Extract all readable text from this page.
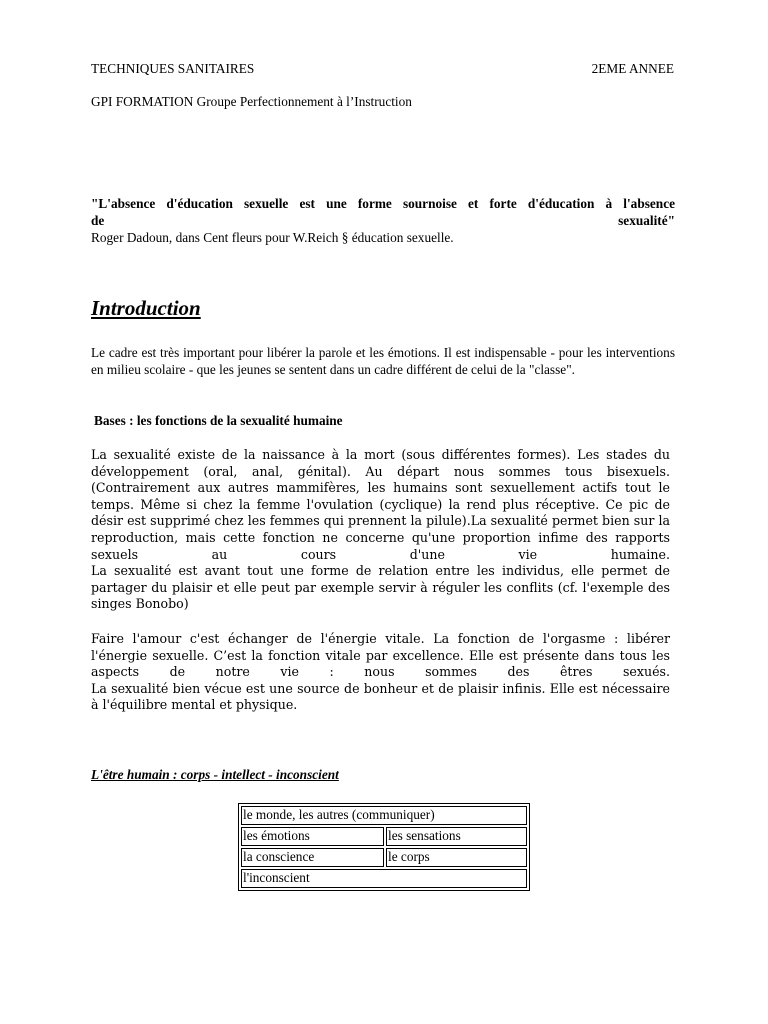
TECHNIQUES SANITAIRES	2EME ANNEE
GPI FORMATION Groupe Perfectionnement à l’Instruction
"L'absence d'éducation sexuelle est une forme sournoise et forte d'éducation à l'absence
de	sexualité"
Roger Dadoun, dans Cent fleurs pour W.Reich § éducation sexuelle.
Introduction
Le cadre est très important pour libérer la parole et les émotions. Il est indispensable - pour les interventions en milieu scolaire - que les jeunes se sentent dans un cadre différent de celui de la "classe".
Bases : les fonctions de la sexualité humaine
La sexualité existe de la naissance à la mort (sous différentes formes). Les stades du développement (oral, anal, génital). Au départ nous sommes tous bisexuels. (Contrairement aux autres mammifères, les humains sont sexuellement actifs tout le temps. Même si chez la femme l'ovulation (cyclique) la rend plus réceptive. Ce pic de désir est supprimé chez les femmes qui prennent la pilule).La sexualité permet bien sur la reproduction, mais cette fonction ne concerne qu'une proportion infime des rapports sexuels au cours d'une vie humaine.
La sexualité est avant tout une forme de relation entre les individus, elle permet de partager du plaisir et elle peut par exemple servir à réguler les conflits (cf. l'exemple des singes Bonobo)
Faire l'amour c'est échanger de l'énergie vitale. La fonction de l'orgasme : libérer l'énergie sexuelle. C’est la fonction vitale par excellence. Elle est présente dans tous les aspects de notre vie : nous sommes des êtres sexués.
La sexualité bien vécue est une source de bonheur et de plaisir infinis. Elle est nécessaire à l'équilibre mental et physique.
L'être humain : corps - intellect - inconscient
le monde, les autres (communiquer)	
les émotions	les sensations
la conscience	le corps
l'inconscient	
